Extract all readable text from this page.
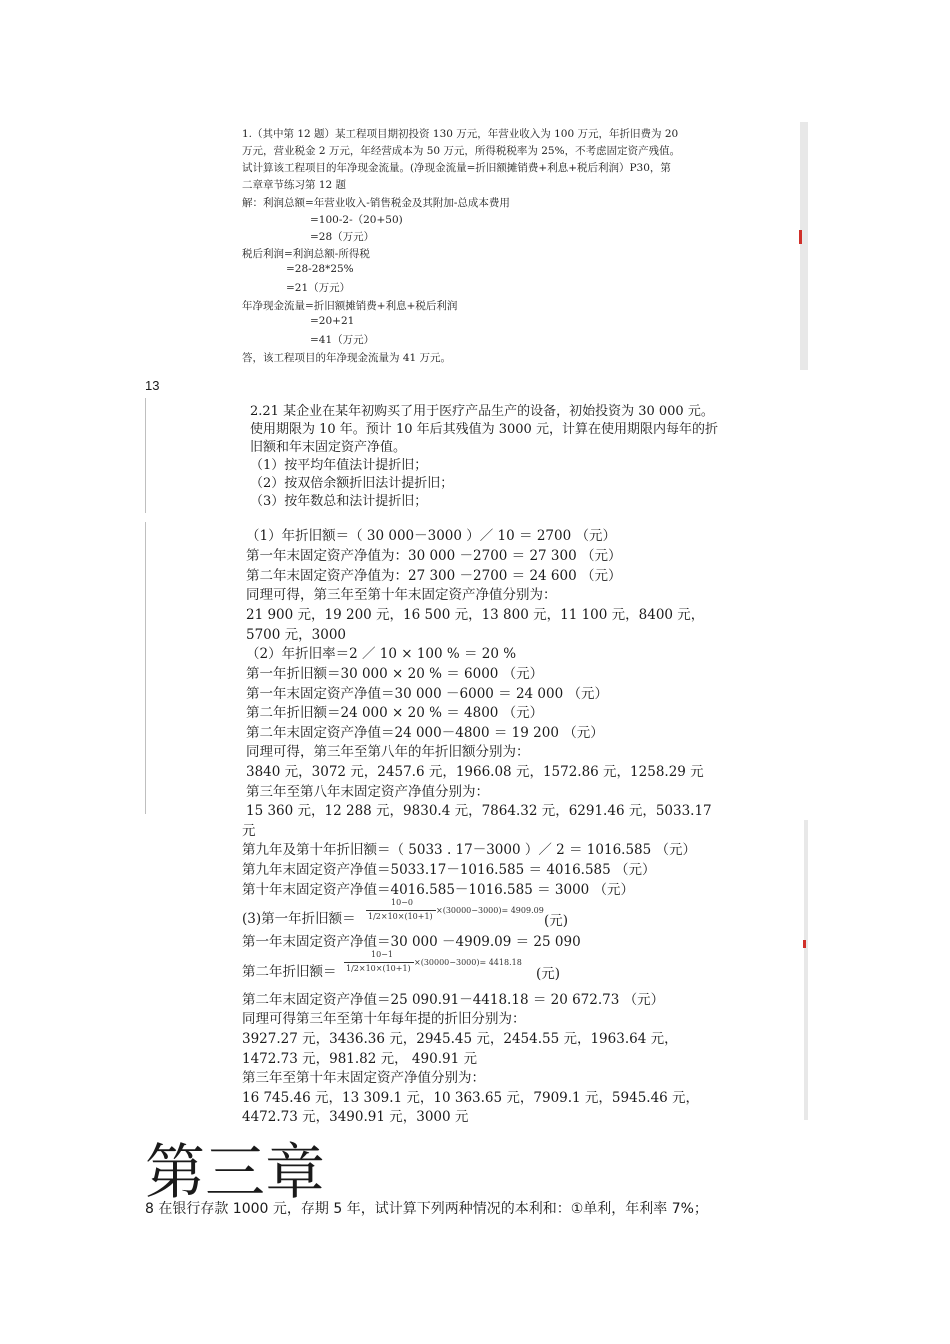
1.（其中第 12 题）某工程项目期初投资 130 万元，年营业收入为 100 万元，年折旧费为 20
万元，营业税金 2 万元，年经营成本为 50 万元，所得税税率为 25%，不考虑固定资产残值。
试计算该工程项目的年净现金流量。(净现金流量=折旧额摊销费+利息+税后利润）P30，第
二章章节练习第 12 题
解：利润总额=年营业收入-销售税金及其附加-总成本费用
=100-2-（20+50)
=28（万元）
税后利润=利润总额-所得税
=28-28*25%
=21（万元）
年净现金流量=折旧额摊销费+利息+税后利润
=20+21
=41（万元）
答，该工程项目的年净现金流量为 41 万元。
13
2.21 某企业在某年初购买了用于医疗产品生产的设备，初始投资为 30 000 元。
使用期限为 10 年。预计 10 年后其残值为 3000 元，计算在使用期限内每年的折
旧额和年末固定资产净值。
（1）按平均年值法计提折旧；
（2）按双倍余额折旧法计提折旧；
（3）按年数总和法计提折旧；
（1）年折旧额＝（ 30 000－3000 ）／ 10 ＝ 2700 （元）
第一年末固定资产净值为：30 000 －2700 ＝ 27 300 （元）
第二年末固定资产净值为：27 300 －2700 ＝ 24 600 （元）
同理可得，第三年至第十年末固定资产净值分别为：
21 900 元，19 200 元，16 500 元，13 800 元，11 100 元，8400 元，
5700 元，3000
（2）年折旧率＝2 ／ 10 × 100 % ＝ 20 %
第一年折旧额＝30 000 × 20 % ＝ 6000 （元）
第一年末固定资产净值＝30 000 －6000 ＝ 24 000 （元）
第二年折旧额＝24 000 × 20 % ＝ 4800 （元）
第二年末固定资产净值＝24 000－4800 ＝ 19 200 （元）
同理可得，第三年至第八年的年折旧额分别为：
3840 元，3072 元，2457.6 元，1966.08 元，1572.86 元，1258.29 元
第三年至第八年末固定资产净值分别为：
15 360 元，12 288 元，9830.4 元，7864.32 元，6291.46 元，5033.17
元
第九年及第十年折旧额＝（ 5033 . 17－3000 ）／ 2 ＝ 1016.585 （元）
第九年末固定资产净值＝5033.17－1016.585 ＝ 4016.585 （元）
第十年末固定资产净值＝4016.585－1016.585 ＝ 3000 （元）
(3)第一年折旧额＝
10−0
1/2×10×(10+1)
×(30000−3000)= 4909.09
(元)
第一年末固定资产净值＝30 000 －4909.09 ＝ 25 090
第二年折旧额＝
10−1
1/2×10×(10+1)
×(30000−3000)= 4418.18
(元)
第二年末固定资产净值＝25 090.91－4418.18 ＝ 20 672.73 （元）
同理可得第三年至第十年每年提的折旧分别为：
3927.27 元，3436.36 元，2945.45 元，2454.55 元，1963.64 元，
1472.73 元，981.82 元， 490.91 元
第三年至第十年末固定资产净值分别为：
16 745.46 元，13 309.1 元，10 363.65 元，7909.1 元，5945.46 元，
4472.73 元，3490.91 元，3000 元
第三章
8 在银行存款 1000 元，存期 5 年，试计算下列两种情况的本利和：①单利，年利率 7%；
